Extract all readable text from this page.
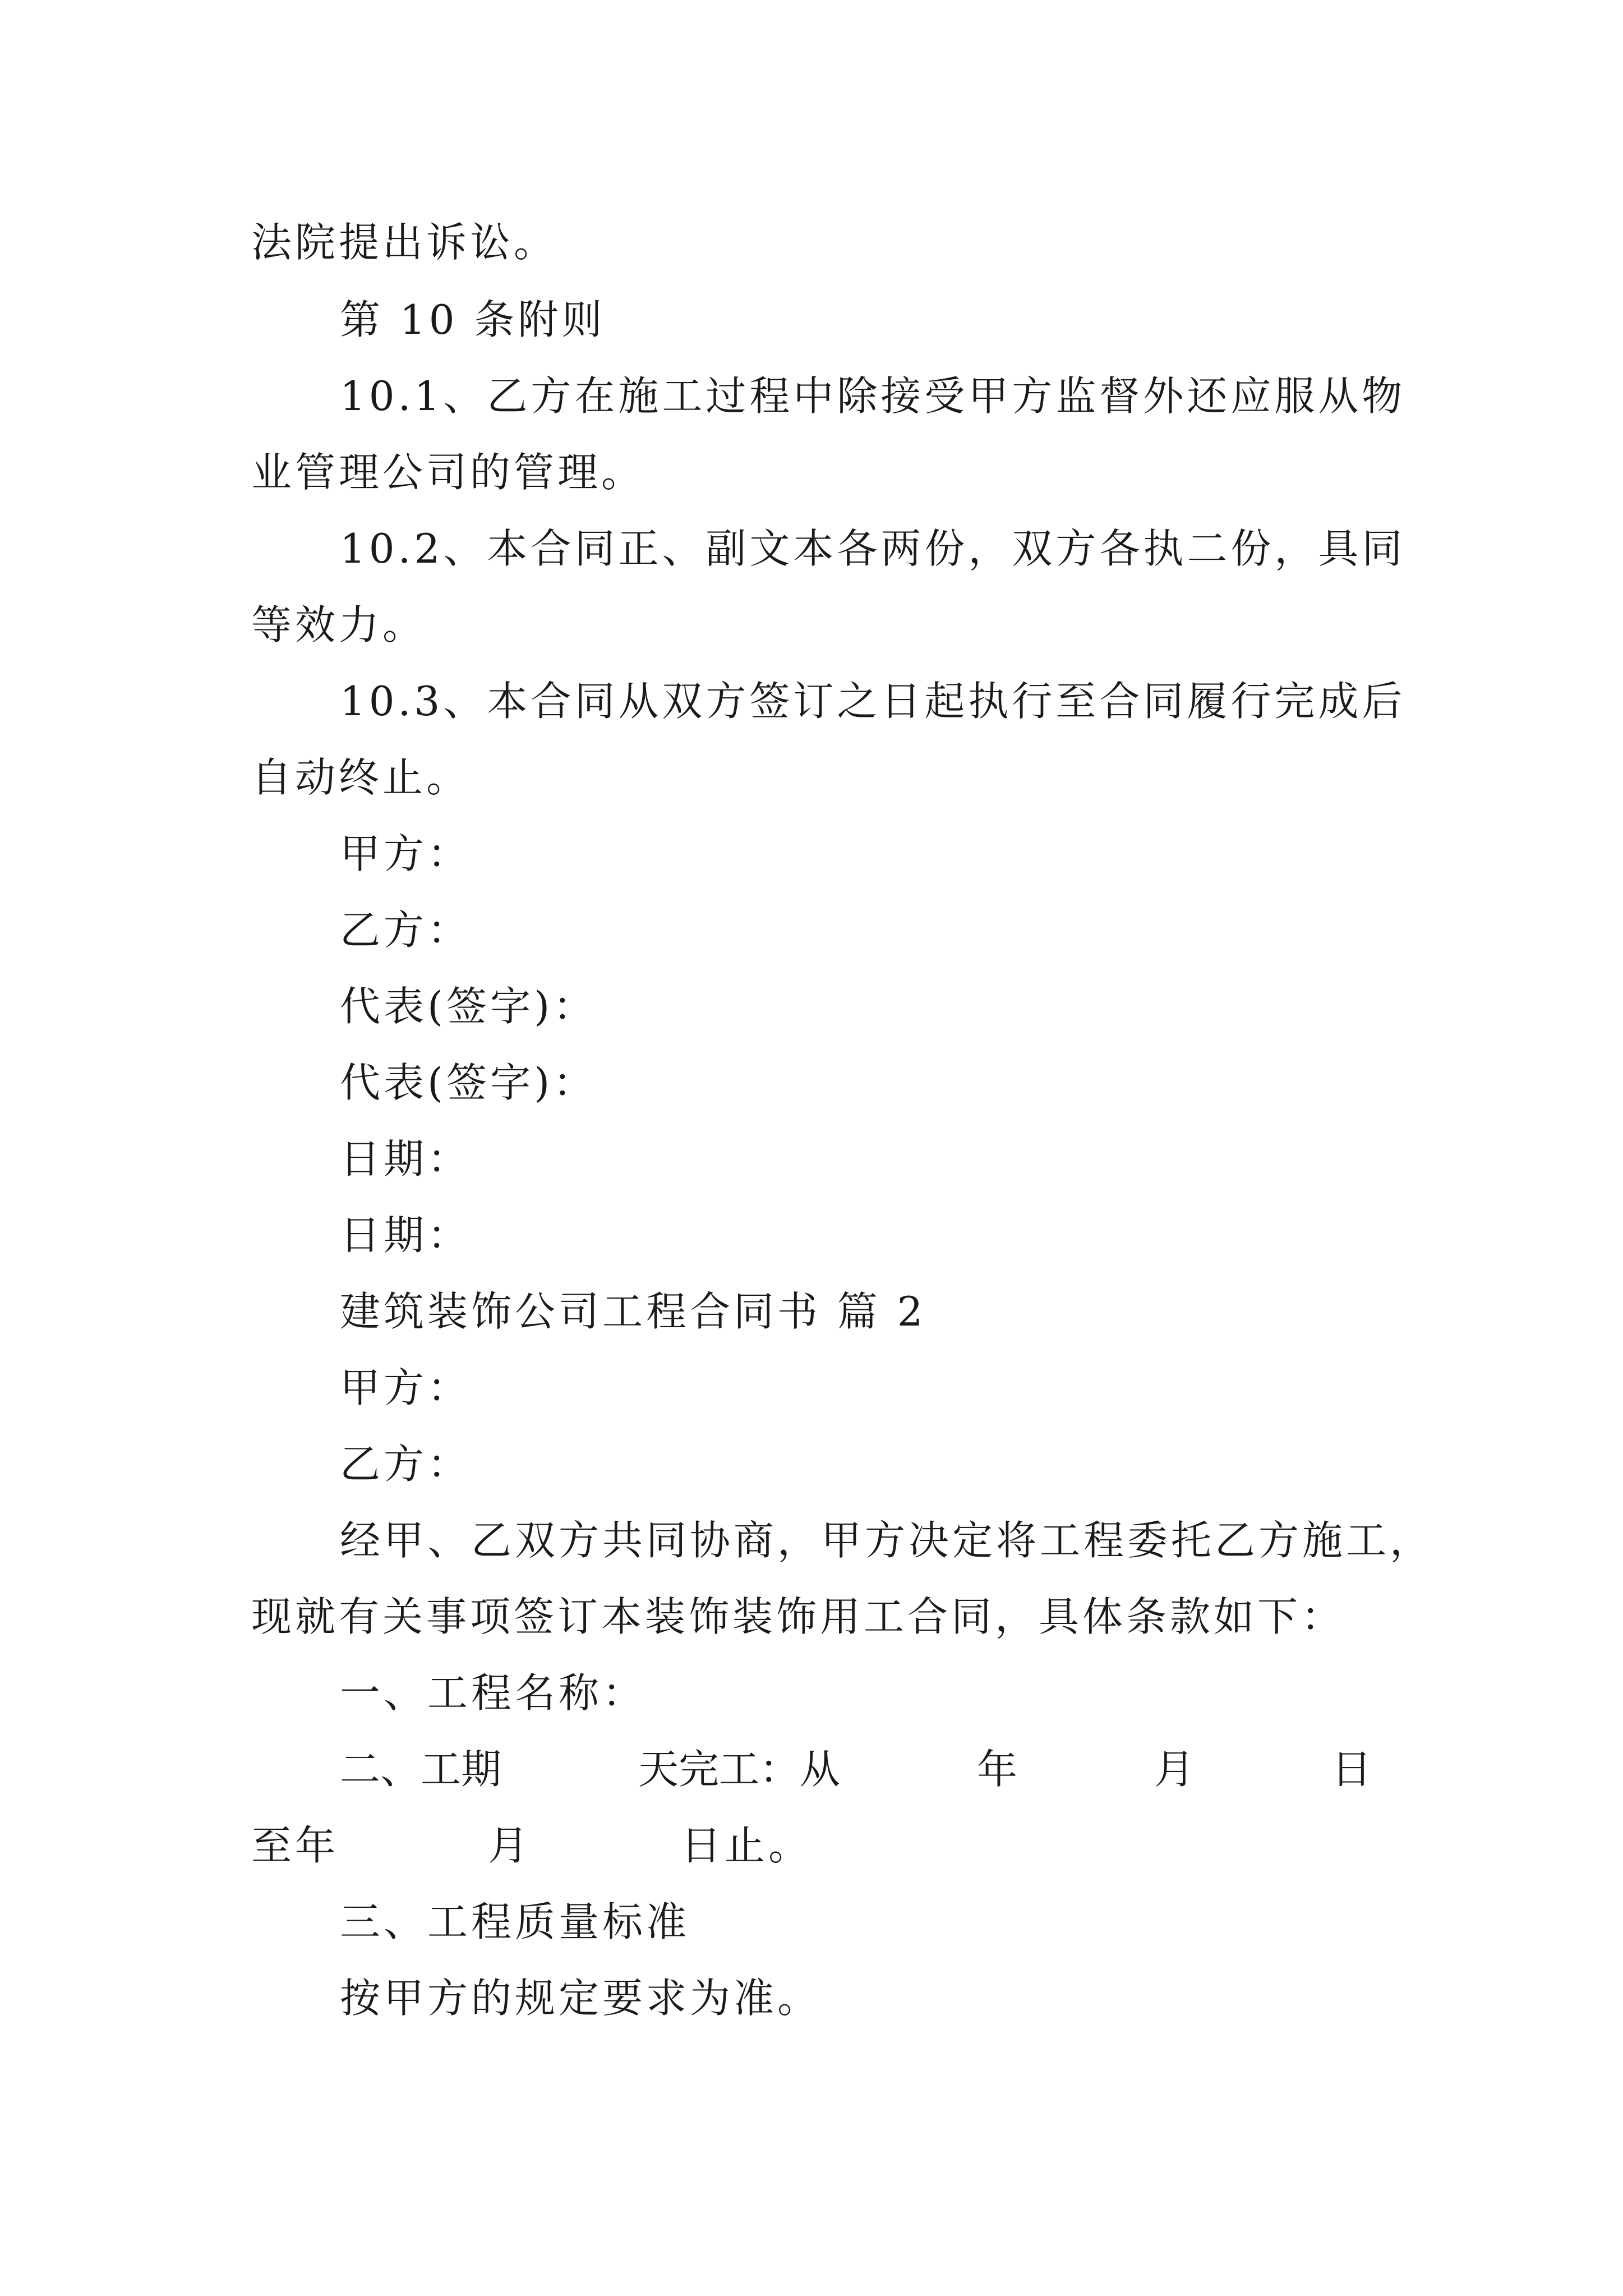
法院提出诉讼。
第 10 条附则
10.1、乙方在施工过程中除接受甲方监督外还应服从物
业管理公司的管理。
10.2、本合同正、副文本各两份，双方各执二份，具同
等效力。
10.3、本合同从双方签订之日起执行至合同履行完成后
自动终止。
甲方：
乙方：
代表(签字)：
代表(签字)：
日期：
日期：
建筑装饰公司工程合同书 篇 2
甲方：
乙方：
经甲、乙双方共同协商，甲方决定将工程委托乙方施工，
现就有关事项签订本装饰装饰用工合同，具体条款如下：
一、工程名称：
二、工期	天完工：从	年	月	日
至年	月	日止。
三、工程质量标准
按甲方的规定要求为准。
